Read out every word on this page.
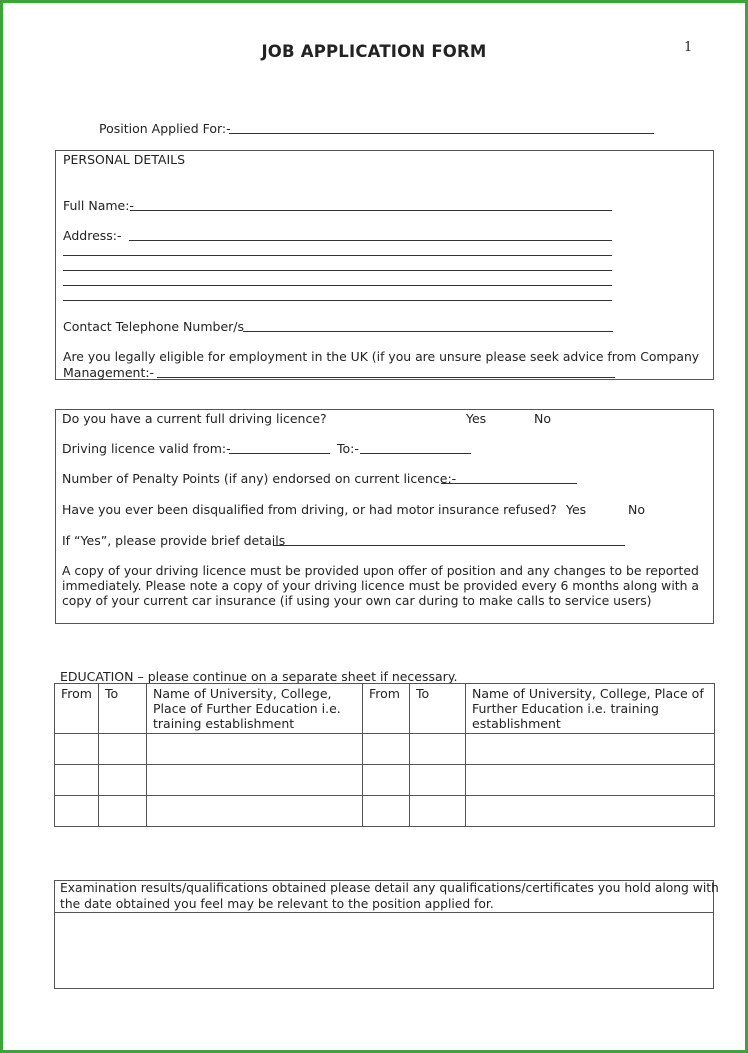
JOB APPLICATION FORM	1
Position Applied For:-
PERSONAL DETAILS
Full Name:-
Address:-
Contact Telephone Number/s
Are you legally eligible for employment in the UK (if you are unsure please seek advice from Company
Management:-
Do you have a current full driving licence?	Yes	No
Driving licence valid from:-	To:-
Number of Penalty Points (if any) endorsed on current licence:-
Have you ever been disqualified from driving, or had motor insurance refused? Yes	No
If “Yes”, please provide brief details
A copy of your driving licence must be provided upon offer of position and any changes to be reported
immediately. Please note a copy of your driving licence must be provided every 6 months along with a
copy of your current car insurance (if using your own car during to make calls to service users)
EDUCATION – please continue on a separate sheet if necessary.
From	To	Name of University, College, Place of Further Education i.e. training establishment	From	To	Name of University, College, Place of Further Education i.e. training establishment

Examination results/qualifications obtained please detail any qualifications/certificates you hold along with
the date obtained you feel may be relevant to the position applied for.
